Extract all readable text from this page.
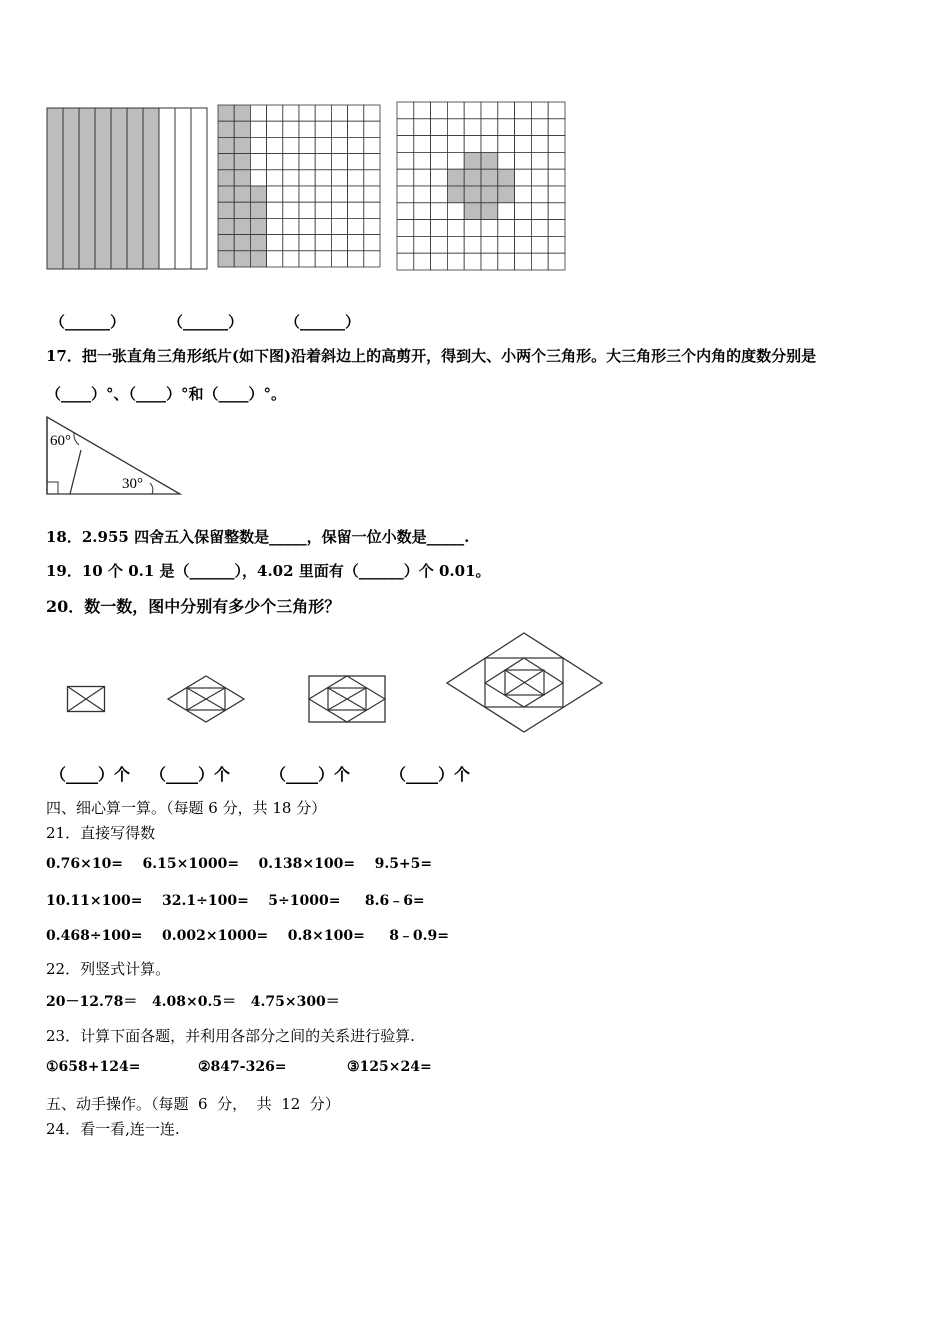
（______）	（______）	（______）
17．把一张直角三角形纸片(如下图)沿着斜边上的高剪开，得到大、小两个三角形。大三角形三个内角的度数分别是
（____）°、（____）°和（____）°。
60°
30°
18．2.955 四舍五入保留整数是_____，保留一位小数是_____.
19．10 个 0.1 是（______），4.02 里面有（______）个 0.01。
20．数一数，图中分别有多少个三角形？
（____）个 （____）个 （____）个 （____）个
四、细心算一算。（每题 6 分，共 18 分）
21．直接写得数
0.76×10=    6.15×1000=    0.138×100=    9.5+5=
10.11×100=    32.1÷100=    5÷1000=     8.6﹣6=
0.468÷100=    0.002×1000=    0.8×100=     8﹣0.9=
22．列竖式计算。
20－12.78＝   4.08×0.5＝   4.75×300＝
23．计算下面各题，并利用各部分之间的关系进行验算.
①658+124=	②847-326=	③125×24=
五、动手操作。（每题  6  分，  共  12  分）
24．看一看,连一连.
